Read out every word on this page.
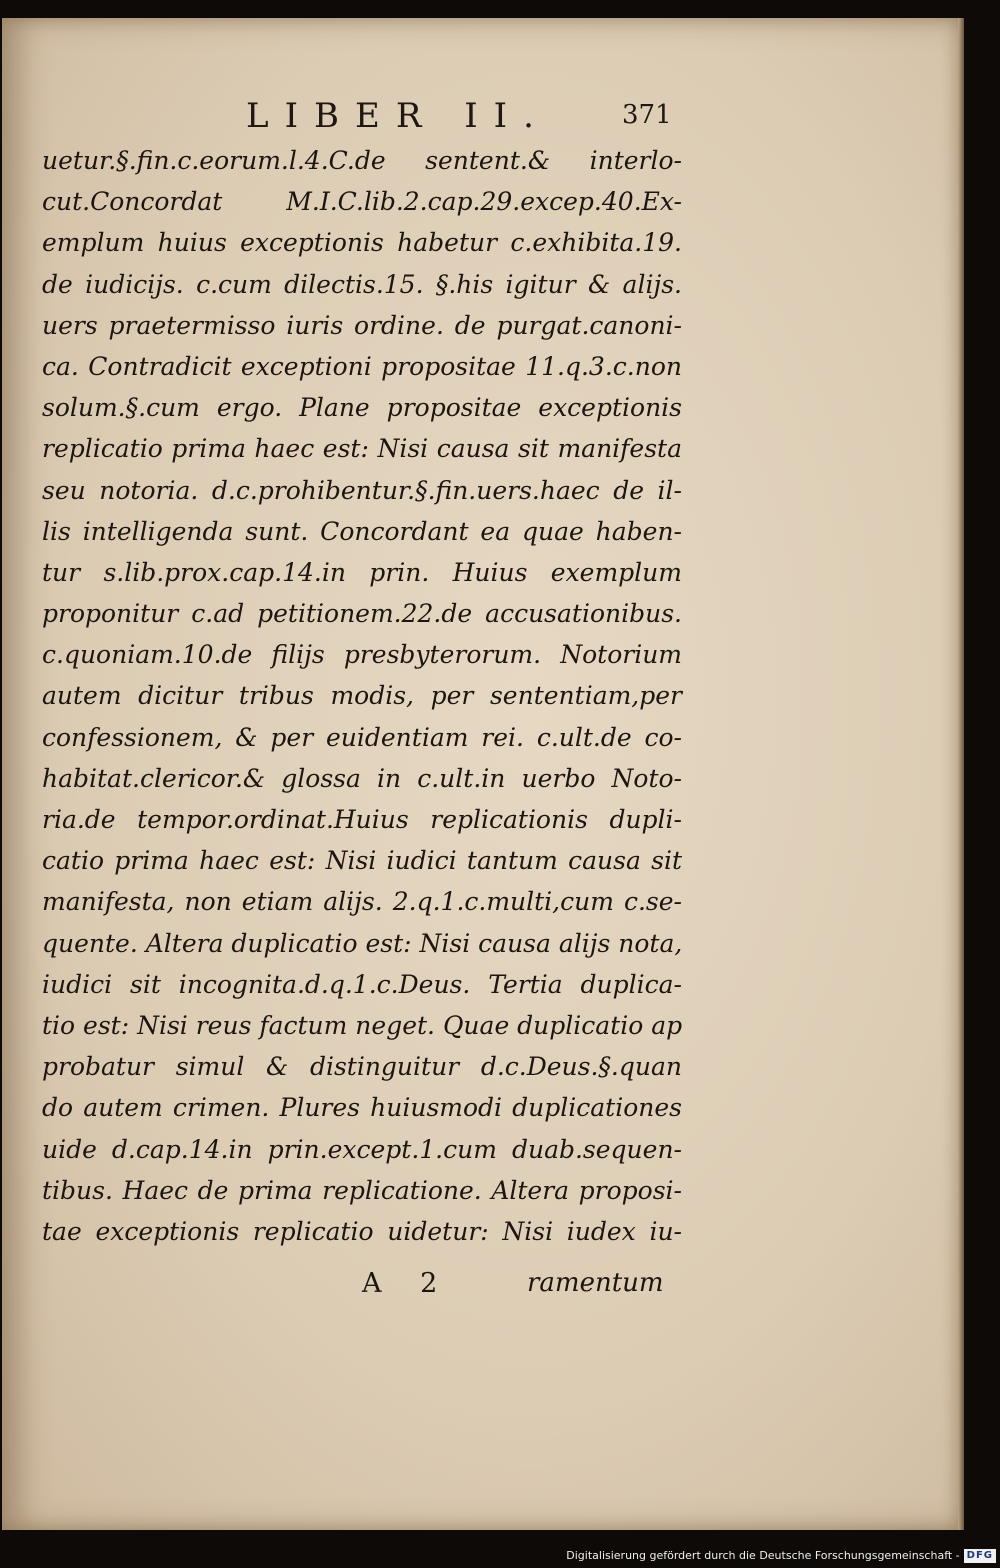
LIBER II.	371
uetur.§.fin.c.eorum.l.4.C.de sentent.& interlo-
cut.Concordat M.I.C.lib.2.cap.29.excep.40.Ex-
emplum huius exceptionis habetur c.exhibita.19.
de iudicijs. c.cum dilectis.15. §.his igitur & alijs.
uers praetermisso iuris ordine. de purgat.canoni-
ca. Contradicit exceptioni propositae 11.q.3.c.non
solum.§.cum ergo. Plane propositae exceptionis
replicatio prima haec est: Nisi causa sit manifesta
seu notoria. d.c.prohibentur.§.fin.uers.haec de il-
lis intelligenda sunt. Concordant ea quae haben-
tur s.lib.prox.cap.14.in prin. Huius exemplum
proponitur c.ad petitionem.22.de accusationibus.
c.quoniam.10.de filijs presbyterorum. Notorium
autem dicitur tribus modis, per sententiam,per
confessionem, & per euidentiam rei. c.ult.de co-
habitat.clericor.& glossa in c.ult.in uerbo Noto-
ria.de tempor.ordinat.Huius replicationis dupli-
catio prima haec est: Nisi iudici tantum causa sit
manifesta, non etiam alijs. 2.q.1.c.multi,cum c.se-
quente. Altera duplicatio est: Nisi causa alijs nota,
iudici sit incognita.d.q.1.c.Deus. Tertia duplica-
tio est: Nisi reus factum neget. Quae duplicatio ap
probatur simul & distinguitur d.c.Deus.§.quan
do autem crimen. Plures huiusmodi duplicationes
uide d.cap.14.in prin.except.1.cum duab.sequen-
tibus. Haec de prima replicatione. Altera proposi-
tae exceptionis replicatio uidetur: Nisi iudex iu-
A 2	ramentum
Digitalisierung gefördert durch die Deutsche Forschungsgemeinschaft - DFG
